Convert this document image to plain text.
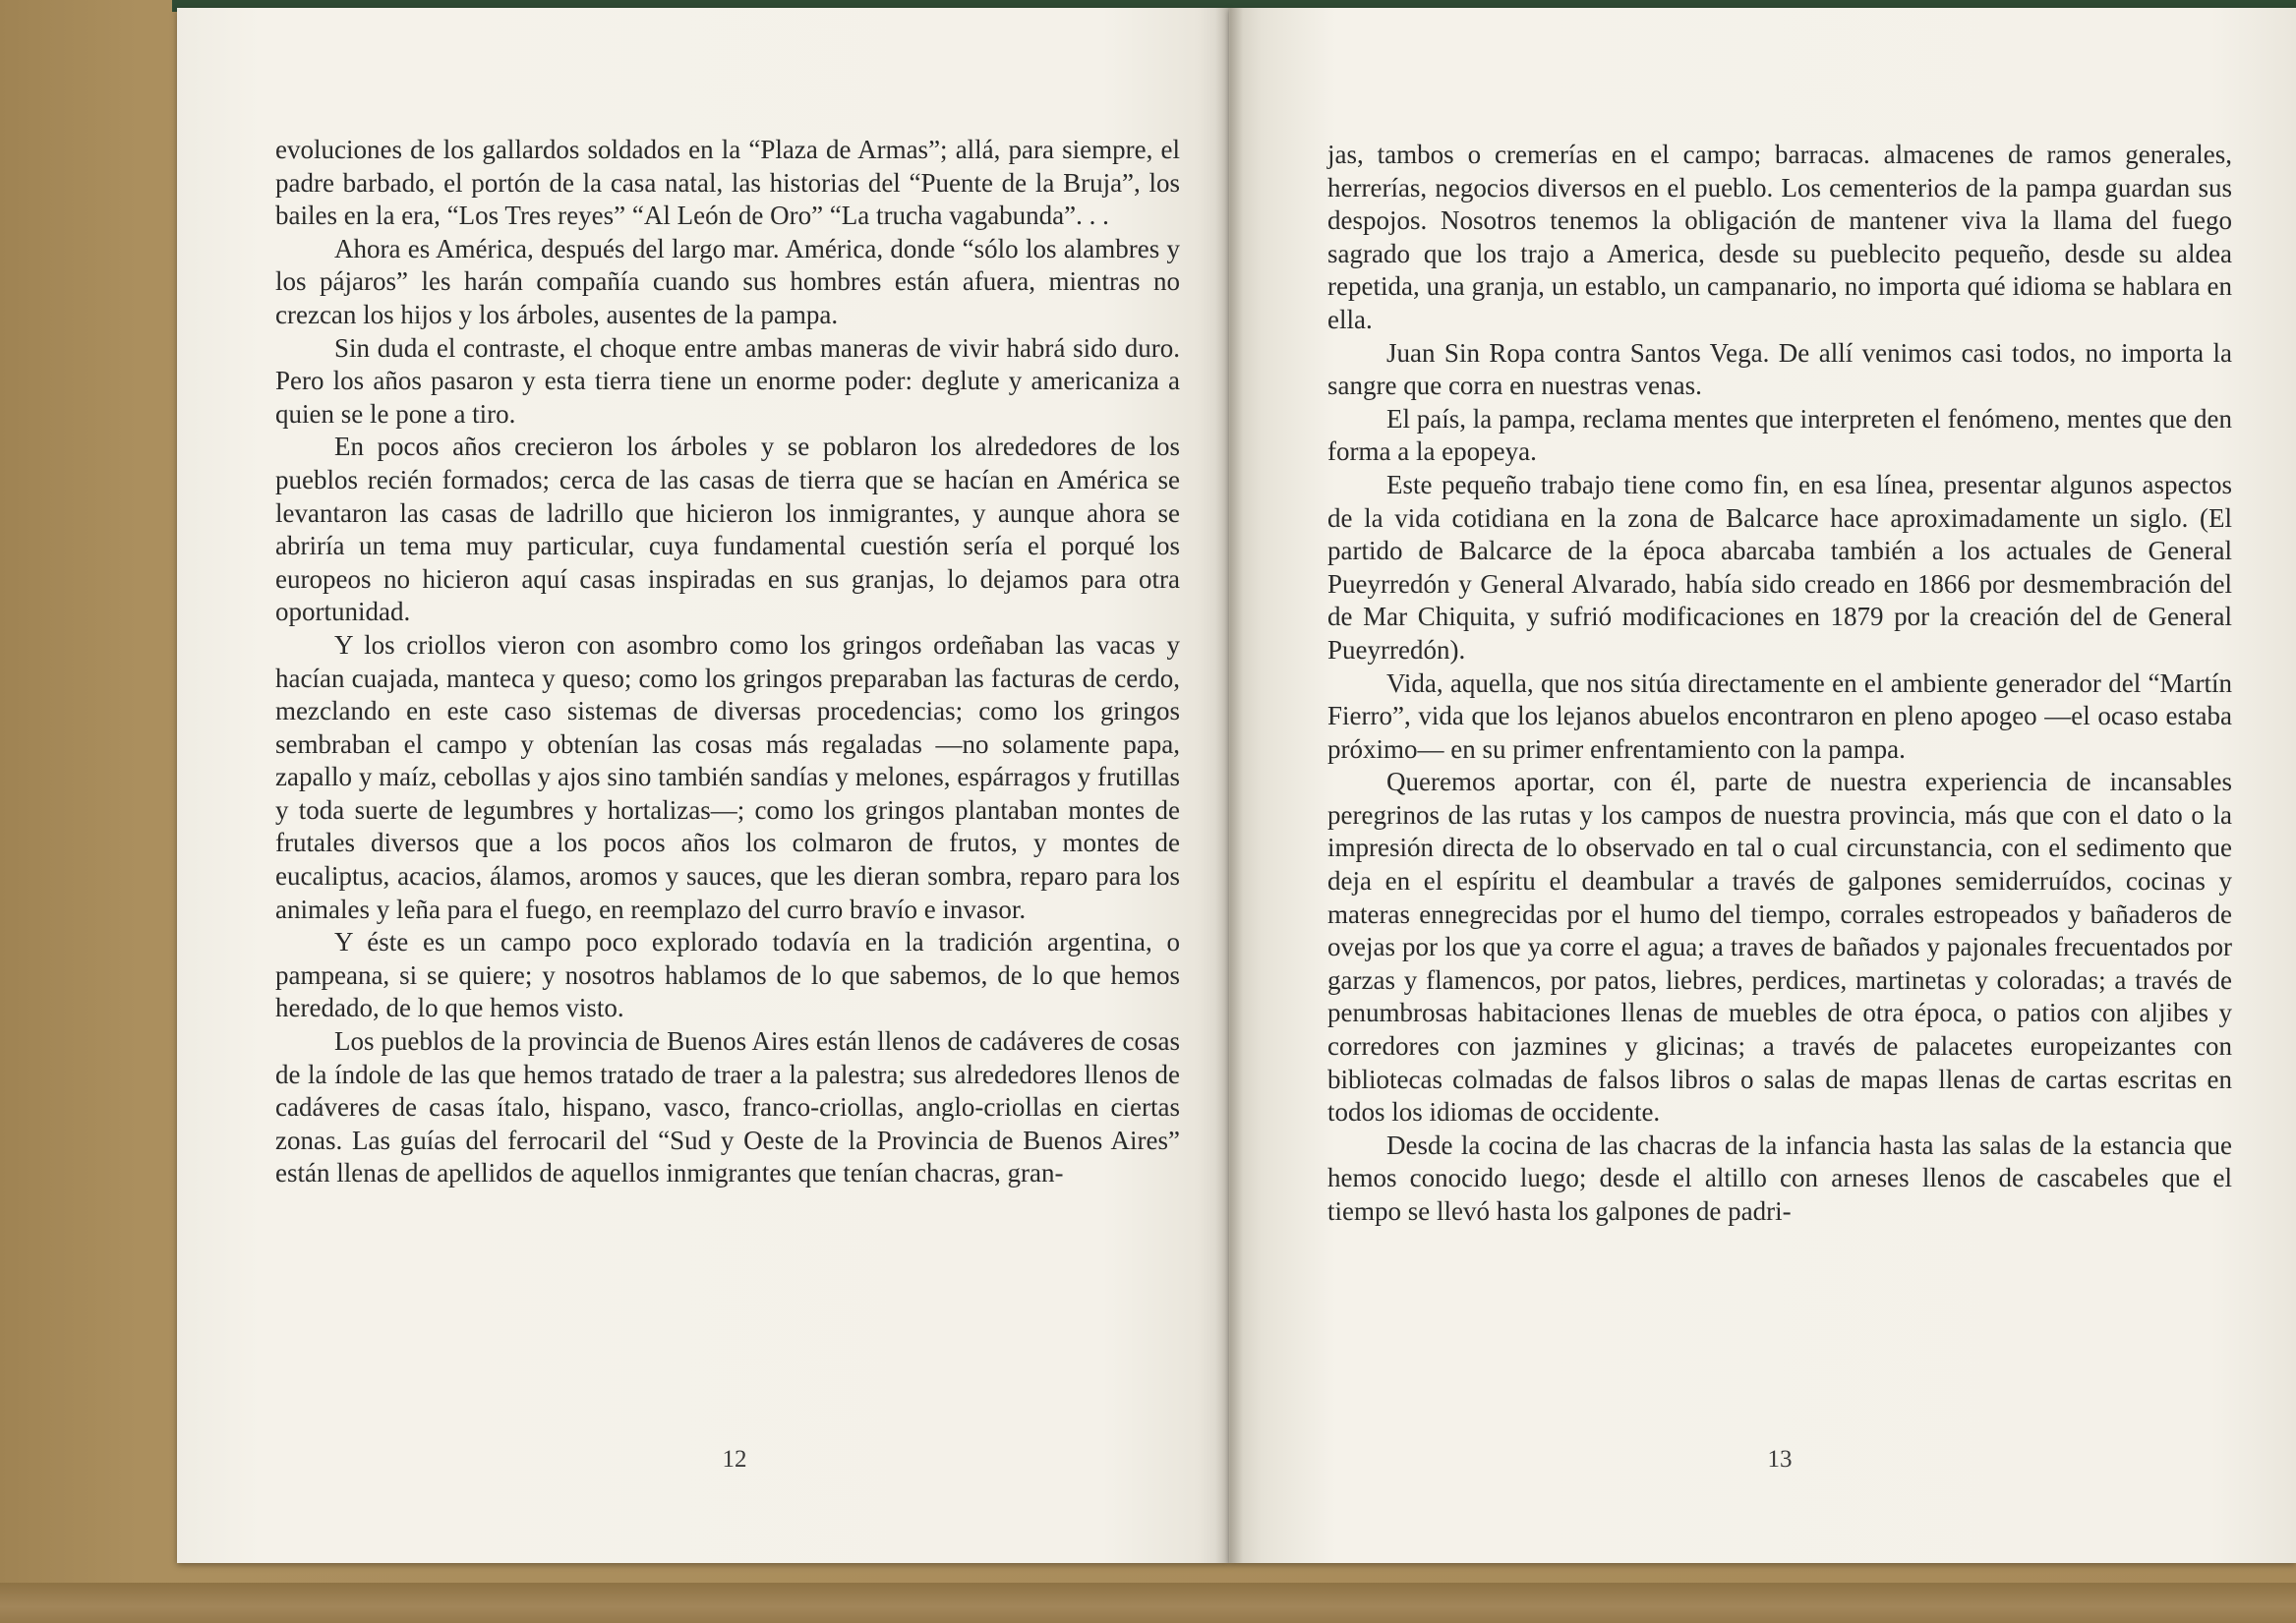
evoluciones de los gallardos soldados en la “Plaza de Armas”; allá, para siempre, el padre barbado, el portón de la casa natal, las historias del “Puente de la Bruja”, los bailes en la era, “Los Tres reyes” “Al León de Oro” “La trucha vagabunda”. . .

Ahora es América, después del largo mar. América, donde “sólo los alambres y los pájaros” les harán compañía cuando sus hombres están afuera, mientras no crezcan los hijos y los árboles, ausentes de la pampa.

Sin duda el contraste, el choque entre ambas maneras de vivir habrá sido duro. Pero los años pasaron y esta tierra tiene un enorme poder: deglute y americaniza a quien se le pone a tiro.

En pocos años crecieron los árboles y se poblaron los alrededores de los pueblos recién formados; cerca de las casas de tierra que se hacían en América se levantaron las casas de ladrillo que hicieron los inmigrantes, y aunque ahora se abriría un tema muy particular, cuya fundamental cuestión sería el porqué los europeos no hicieron aquí casas inspiradas en sus granjas, lo dejamos para otra oportunidad.

Y los criollos vieron con asombro como los gringos ordeñaban las vacas y hacían cuajada, manteca y queso; como los gringos preparaban las facturas de cerdo, mezclando en este caso sistemas de diversas procedencias; como los gringos sembraban el campo y obtenían las cosas más regaladas —no solamente papa, zapallo y maíz, cebollas y ajos sino también sandías y melones, espárragos y frutillas y toda suerte de legumbres y hortalizas—; como los gringos plantaban montes de frutales diversos que a los pocos años los colmaron de frutos, y montes de eucaliptus, acacios, álamos, aromos y sauces, que les dieran sombra, reparo para los animales y leña para el fuego, en reemplazo del curro bravío e invasor.

Y éste es un campo poco explorado todavía en la tradición argentina, o pampeana, si se quiere; y nosotros hablamos de lo que sabemos, de lo que hemos heredado, de lo que hemos visto.

Los pueblos de la provincia de Buenos Aires están llenos de cadáveres de cosas de la índole de las que hemos tratado de traer a la palestra; sus alrededores llenos de cadáveres de casas ítalo, hispano, vasco, franco-criollas, anglo-criollas en ciertas zonas. Las guías del ferrocaril del “Sud y Oeste de la Provincia de Buenos Aires” están llenas de apellidos de aquellos inmigrantes que tenían chacras, gran-

12

jas, tambos o cremerías en el campo; barracas. almacenes de ramos generales, herrerías, negocios diversos en el pueblo. Los cementerios de la pampa guardan sus despojos. Nosotros tenemos la obligación de mantener viva la llama del fuego sagrado que los trajo a America, desde su pueblecito pequeño, desde su aldea repetida, una granja, un establo, un campanario, no importa qué idioma se hablara en ella.

Juan Sin Ropa contra Santos Vega. De allí venimos casi todos, no importa la sangre que corra en nuestras venas.

El país, la pampa, reclama mentes que interpreten el fenómeno, mentes que den forma a la epopeya.

Este pequeño trabajo tiene como fin, en esa línea, presentar algunos aspectos de la vida cotidiana en la zona de Balcarce hace aproximadamente un siglo. (El partido de Balcarce de la época abarcaba también a los actuales de General Pueyrredón y General Alvarado, había sido creado en 1866 por desmembración del de Mar Chiquita, y sufrió modificaciones en 1879 por la creación del de General Pueyrredón).

Vida, aquella, que nos sitúa directamente en el ambiente generador del “Martín Fierro”, vida que los lejanos abuelos encontraron en pleno apogeo —el ocaso estaba próximo— en su primer enfrentamiento con la pampa.

Queremos aportar, con él, parte de nuestra experiencia de incansables peregrinos de las rutas y los campos de nuestra provincia, más que con el dato o la impresión directa de lo observado en tal o cual circunstancia, con el sedimento que deja en el espíritu el deambular a través de galpones semiderruídos, cocinas y materas ennegrecidas por el humo del tiempo, corrales estropeados y bañaderos de ovejas por los que ya corre el agua; a traves de bañados y pajonales frecuentados por garzas y flamencos, por patos, liebres, perdices, martinetas y coloradas; a través de penumbrosas habitaciones llenas de muebles de otra época, o patios con aljibes y corredores con jazmines y glicinas; a través de palacetes europeizantes con bibliotecas colmadas de falsos libros o salas de mapas llenas de cartas escritas en todos los idiomas de occidente.

Desde la cocina de las chacras de la infancia hasta las salas de la estancia que hemos conocido luego; desde el altillo con arneses llenos de cascabeles que el tiempo se llevó hasta los galpones de padri-

13
